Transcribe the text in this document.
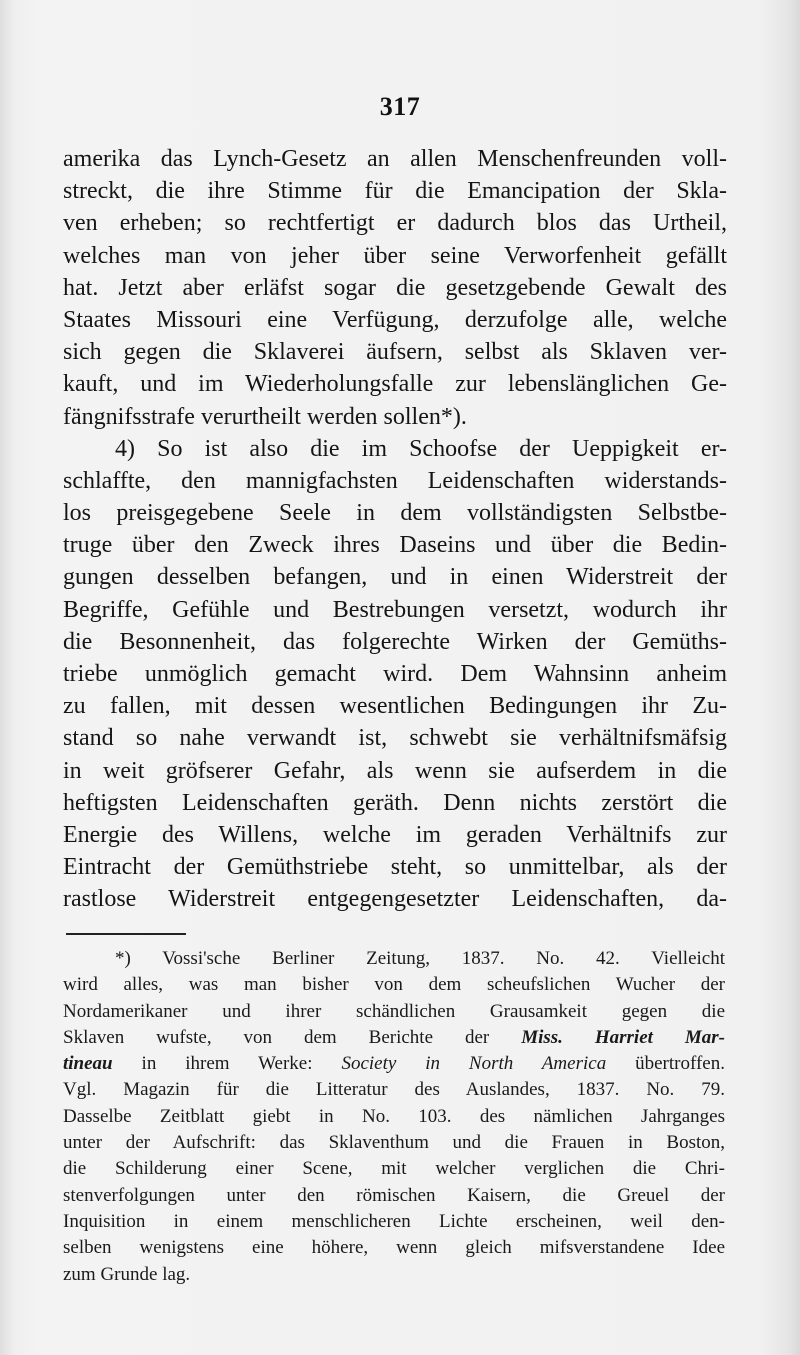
317
amerika das Lynch-Gesetz an allen Menschenfreunden voll-
streckt, die ihre Stimme für die Emancipation der Skla-
ven erheben; so rechtfertigt er dadurch blos das Urtheil,
welches man von jeher über seine Verworfenheit gefällt
hat. Jetzt aber erläfst sogar die gesetzgebende Gewalt des
Staates Missouri eine Verfügung, derzufolge alle, welche
sich gegen die Sklaverei äufsern, selbst als Sklaven ver-
kauft, und im Wiederholungsfalle zur lebenslänglichen Ge-
fängnifsstrafe verurtheilt werden sollen*).
4) So ist also die im Schoofse der Ueppigkeit er-
schlaffte, den mannigfachsten Leidenschaften widerstands-
los preisgegebene Seele in dem vollständigsten Selbstbe-
truge über den Zweck ihres Daseins und über die Bedin-
gungen desselben befangen, und in einen Widerstreit der
Begriffe, Gefühle und Bestrebungen versetzt, wodurch ihr
die Besonnenheit, das folgerechte Wirken der Gemüths-
triebe unmöglich gemacht wird. Dem Wahnsinn anheim
zu fallen, mit dessen wesentlichen Bedingungen ihr Zu-
stand so nahe verwandt ist, schwebt sie verhältnifsmäfsig
in weit gröfserer Gefahr, als wenn sie aufserdem in die
heftigsten Leidenschaften geräth. Denn nichts zerstört die
Energie des Willens, welche im geraden Verhältnifs zur
Eintracht der Gemüthstriebe steht, so unmittelbar, als der
rastlose Widerstreit entgegengesetzter Leidenschaften, da-
*) Vossi'sche Berliner Zeitung, 1837. No. 42. Vielleicht
wird alles, was man bisher von dem scheufslichen Wucher der
Nordamerikaner und ihrer schändlichen Grausamkeit gegen die
Sklaven wufste, von dem Berichte der Miss. Harriet Mar-
tineau in ihrem Werke: Society in North America übertroffen.
Vgl. Magazin für die Litteratur des Auslandes, 1837. No. 79.
Dasselbe Zeitblatt giebt in No. 103. des nämlichen Jahrganges
unter der Aufschrift: das Sklaventhum und die Frauen in Boston,
die Schilderung einer Scene, mit welcher verglichen die Chri-
stenverfolgungen unter den römischen Kaisern, die Greuel der
Inquisition in einem menschlicheren Lichte erscheinen, weil den-
selben wenigstens eine höhere, wenn gleich mifsverstandene Idee
zum Grunde lag.
